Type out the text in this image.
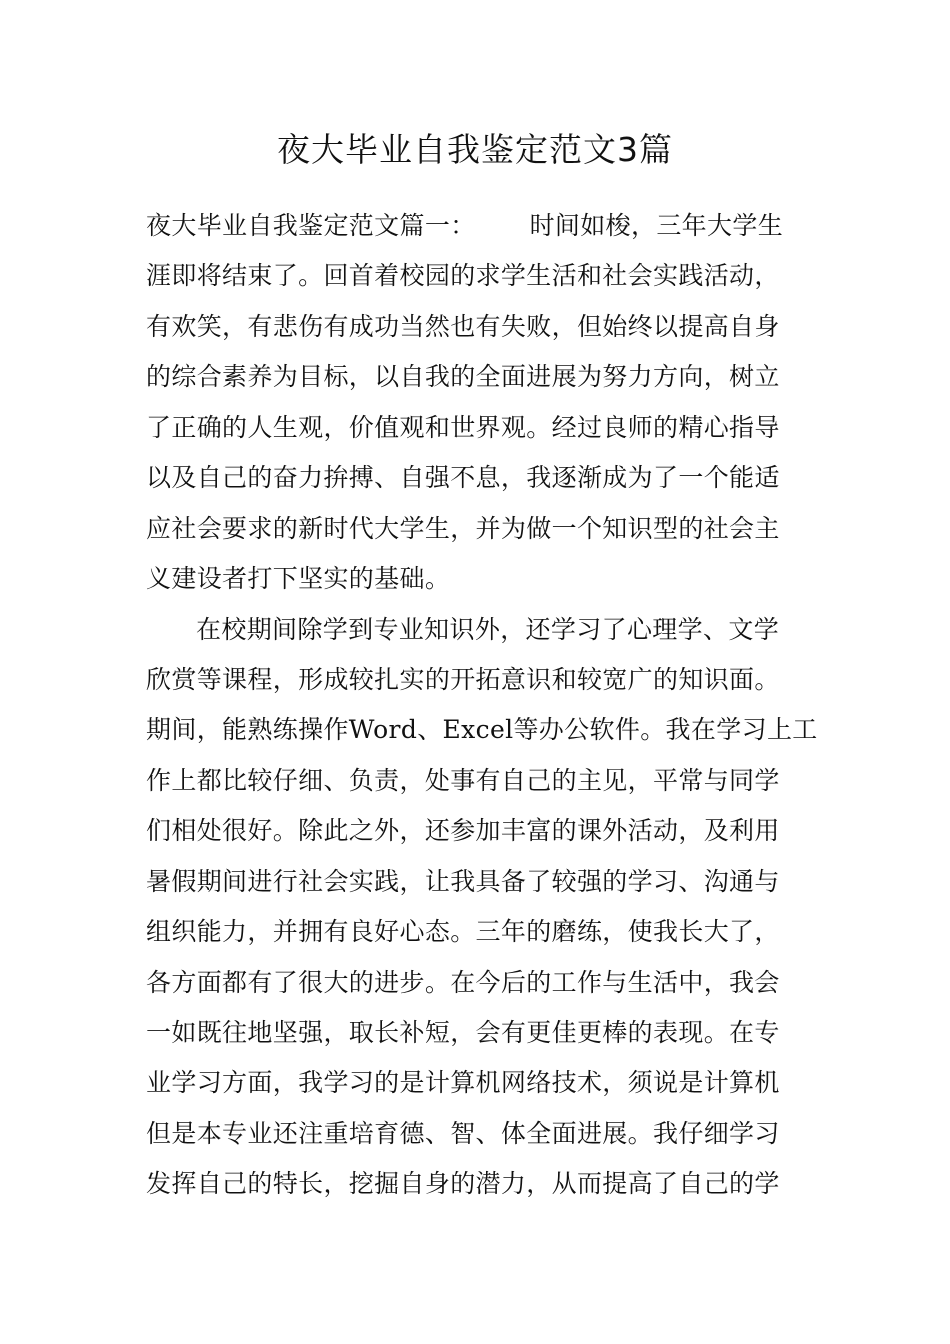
夜大毕业自我鉴定范文3篇
夜大毕业自我鉴定范文篇一： 时间如梭，三年大学生
涯即将结束了。回首着校园的求学生活和社会实践活动，
有欢笑，有悲伤有成功当然也有失败，但始终以提高自身
的综合素养为目标，以自我的全面进展为努力方向，树立
了正确的人生观，价值观和世界观。经过良师的精心指导
以及自己的奋力拚搏、自强不息，我逐渐成为了一个能适
应社会要求的新时代大学生，并为做一个知识型的社会主
义建设者打下坚实的基础。
在校期间除学到专业知识外，还学习了心理学、文学
欣赏等课程，形成较扎实的开拓意识和较宽广的知识面。
期间，能熟练操作Word、Excel等办公软件。我在学习上工
作上都比较仔细、负责，处事有自己的主见，平常与同学
们相处很好。除此之外，还参加丰富的课外活动，及利用
暑假期间进行社会实践，让我具备了较强的学习、沟通与
组织能力，并拥有良好心态。三年的磨练，使我长大了，
各方面都有了很大的进步。在今后的工作与生活中，我会
一如既往地坚强，取长补短，会有更佳更棒的表现。在专
业学习方面，我学习的是计算机网络技术，须说是计算机
但是本专业还注重培育德、智、体全面进展。我仔细学习
发挥自己的特长，挖掘自身的潜力，从而提高了自己的学
